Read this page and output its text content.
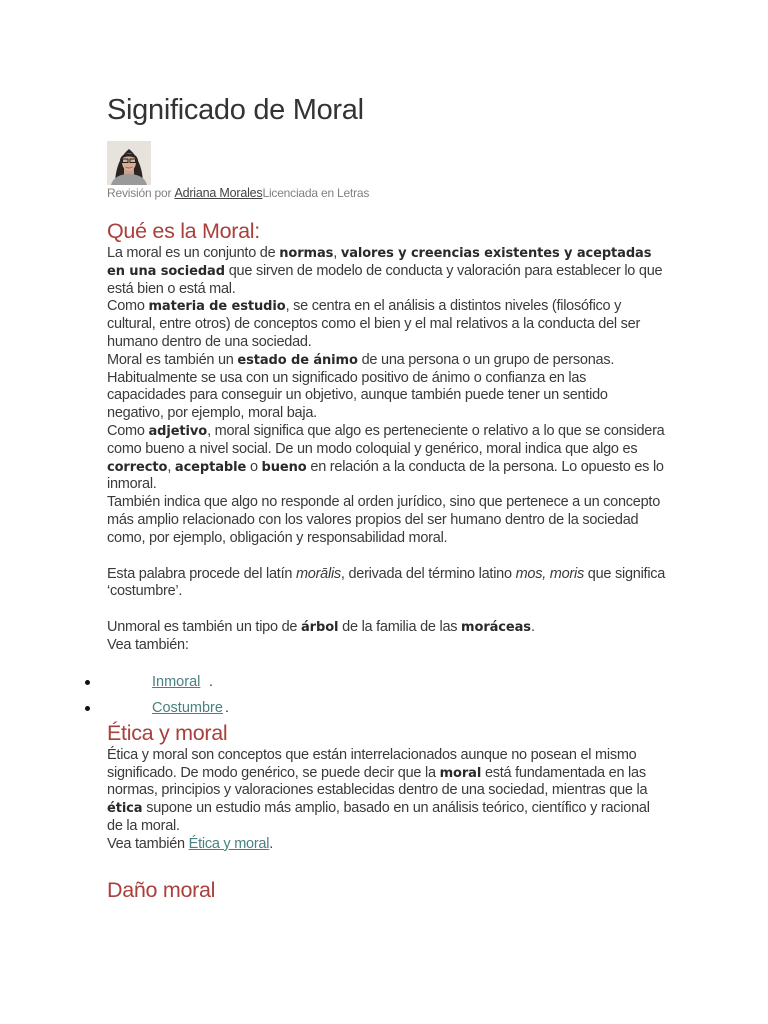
Significado de Moral
Revisión por Adriana MoralesLicenciada en Letras
Qué es la Moral:

La moral es un conjunto de normas, valores y creencias existentes y aceptadas en una sociedad que sirven de modelo de conducta y valoración para establecer lo que está bien o está mal.

Como materia de estudio, se centra en el análisis a distintos niveles (filosófico y cultural, entre otros) de conceptos como el bien y el mal relativos a la conducta del ser humano dentro de una sociedad.

Moral es también un estado de ánimo de una persona o un grupo de personas. Habitualmente se usa con un significado positivo de ánimo o confianza en las capacidades para conseguir un objetivo, aunque también puede tener un sentido negativo, por ejemplo, moral baja.

Como adjetivo, moral significa que algo es perteneciente o relativo a lo que se considera como bueno a nivel social. De un modo coloquial y genérico, moral indica que algo es correcto, aceptable o bueno en relación a la conducta de la persona. Lo opuesto es lo inmoral.

También indica que algo no responde al orden jurídico, sino que pertenece a un concepto más amplio relacionado con los valores propios del ser humano dentro de la sociedad como, por ejemplo, obligación y responsabilidad moral.

Esta palabra procede del latín morālis, derivada del término latino mos, moris que significa ‘costumbre’.

Unmoral es también un tipo de árbol de la familia de las moráceas.

Vea también:

Inmoral .
Costumbre .
Ética y moral

Ética y moral son conceptos que están interrelacionados aunque no posean el mismo significado. De modo genérico, se puede decir que la moral está fundamentada en las normas, principios y valoraciones establecidas dentro de una sociedad, mientras que la ética supone un estudio más amplio, basado en un análisis teórico, científico y racional de la moral.

Vea también Ética y moral.

Daño moral
